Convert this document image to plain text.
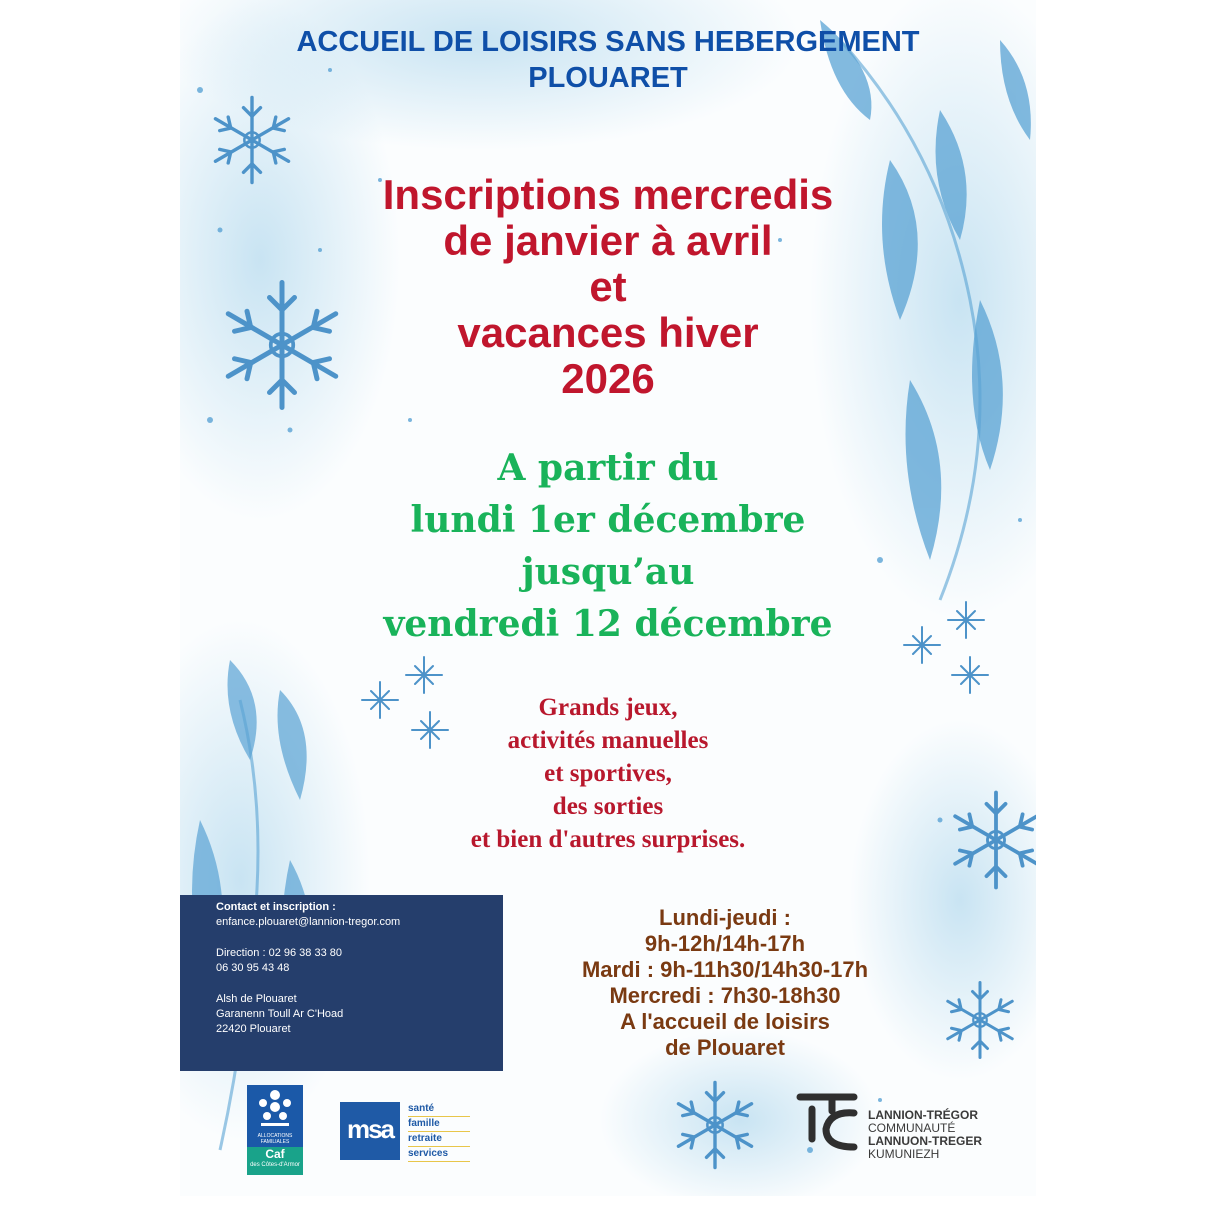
ACCUEIL DE LOISIRS SANS HEBERGEMENT
PLOUARET
Inscriptions mercredis
de janvier à avril
et
vacances hiver
2026
A partir du
lundi 1er décembre
jusqu’au
vendredi 12 décembre
Grands jeux,
activités manuelles
et sportives,
des sorties
et bien d'autres surprises.
Contact et inscription :
enfance.plouaret@lannion-tregor.com
Direction : 02 96 38 33 80
06 30 95 43 48
Alsh de Plouaret
Garanenn Toull Ar C'Hoad
22420 Plouaret
Lundi-jeudi :
9h-12h/14h-17h
Mardi : 9h-11h30/14h30-17h
Mercredi : 7h30-18h30
A l'accueil de loisirs
de Plouaret
ALLOCATIONS FAMILIALES
Caf
des Côtes-d'Armor
msa
santé
famille
retraite
services
LANNION-TRÉGOR
COMMUNAUTÉ
LANNUON-TREGER
KUMUNIEZH
